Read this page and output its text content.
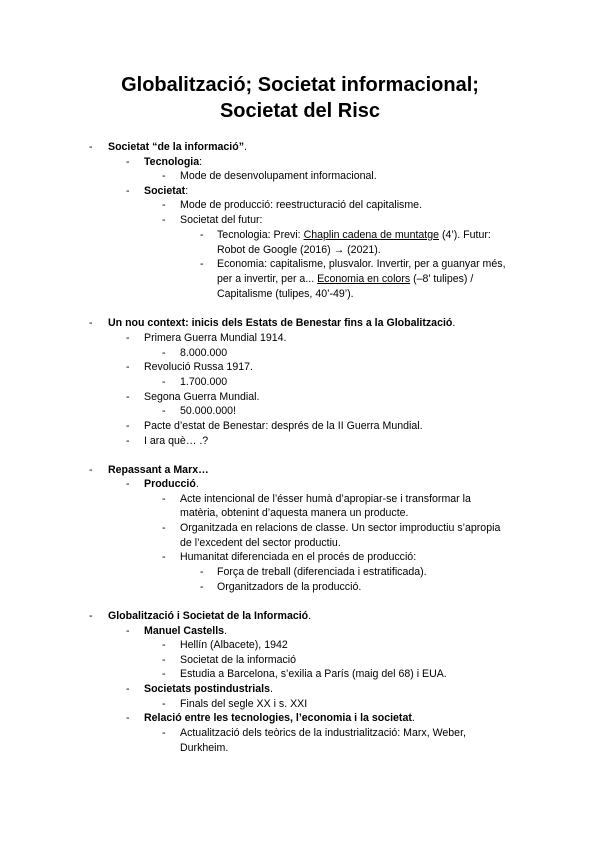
Globalització; Societat informacional;
Societat del Risc
- Societat “de la informació”.
- Tecnologia:
- Mode de desenvolupament informacional.
- Societat:
- Mode de producció: reestructuració del capitalisme.
- Societat del futur:
- Tecnologia: Previ: Chaplin cadena de muntatge (4’). Futur:
Robot de Google (2016) → (2021).
- Economia: capitalisme, plusvalor. Invertir, per a guanyar més,
per a invertir, per a... Economia en colors (–8’ tulipes) /
Capitalisme (tulipes, 40’-49’).
- Un nou context: inicis dels Estats de Benestar fins a la Globalització.
- Primera Guerra Mundial 1914.
- 8.000.000
- Revolució Russa 1917.
- 1.700.000
- Segona Guerra Mundial.
- 50.000.000!
- Pacte d’estat de Benestar: després de la II Guerra Mundial.
- I ara què… .?
- Repassant a Marx…
- Producció.
- Acte intencional de l’ésser humà d’apropiar-se i transformar la
matèria, obtenint d’aquesta manera un producte.
- Organitzada en relacions de classe. Un sector improductiu s’apropia
de l’excedent del sector productiu.
- Humanitat diferenciada en el procés de producció:
- Força de treball (diferenciada i estratificada).
- Organitzadors de la producció.
- Globalització i Societat de la Informació.
- Manuel Castells.
- Hellín (Albacete), 1942
- Societat de la informació
- Estudia a Barcelona, s’exilia a París (maig del 68) i EUA.
- Societats postindustrials.
- Finals del segle XX i s. XXI
- Relació entre les tecnologies, l’economia i la societat.
- Actualització dels teòrics de la industrialització: Marx, Weber,
Durkheim.
